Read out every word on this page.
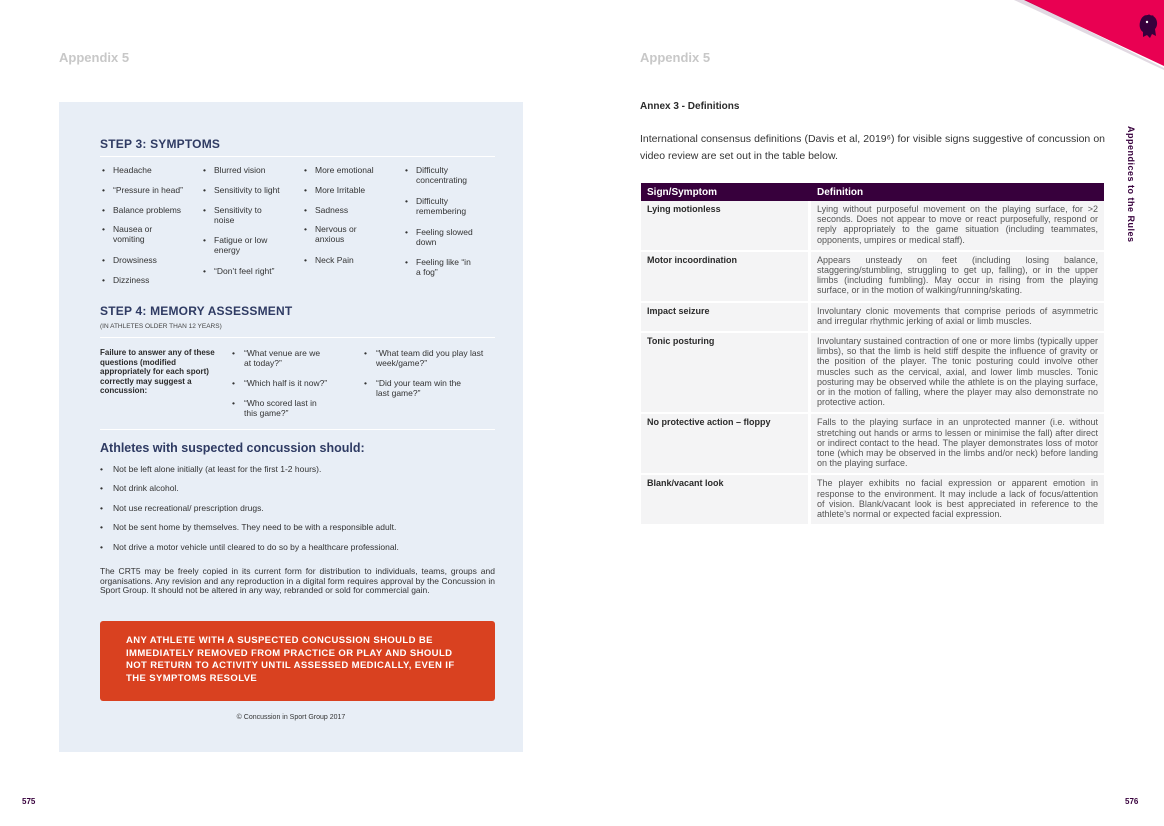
Appendix 5
STEP 3: SYMPTOMS
• Headache
• “Pressure in head”
• Balance problems
• Nausea or vomiting
• Drowsiness
• Dizziness
• Blurred vision
• Sensitivity to light
• Sensitivity to noise
• Fatigue or low energy
• “Don’t feel right”
• More emotional
• More Irritable
• Sadness
• Nervous or anxious
• Neck Pain
• Difficulty concentrating
• Difficulty remembering
• Feeling slowed down
• Feeling like “in a fog”
STEP 4: MEMORY ASSESSMENT
(IN ATHLETES OLDER THAN 12 YEARS)
Failure to answer any of these questions (modified appropriately for each sport) correctly may suggest a concussion:
• “What venue are we at today?”
• “Which half is it now?”
• “Who scored last in this game?”
• “What team did you play last week/game?”
• “Did your team win the last game?”
Athletes with suspected concussion should:
• Not be left alone initially (at least for the first 1-2 hours).
• Not drink alcohol.
• Not use recreational/ prescription drugs.
• Not be sent home by themselves. They need to be with a responsible adult.
• Not drive a motor vehicle until cleared to do so by a healthcare professional.
The CRT5 may be freely copied in its current form for distribution to individuals, teams, groups and organisations. Any revision and any reproduction in a digital form requires approval by the Concussion in Sport Group. It should not be altered in any way, rebranded or sold for commercial gain.
ANY ATHLETE WITH A SUSPECTED CONCUSSION SHOULD BE IMMEDIATELY REMOVED FROM PRACTICE OR PLAY AND SHOULD NOT RETURN TO ACTIVITY UNTIL ASSESSED MEDICALLY, EVEN IF THE SYMPTOMS RESOLVE
© Concussion in Sport Group 2017
575
Appendix 5
Annex 3 - Definitions
International consensus definitions (Davis et al, 2019⁶) for visible signs suggestive of concussion on video review are set out in the table below.
Sign/Symptom	Definition
Lying motionless	Lying without purposeful movement on the playing surface, for >2 seconds. Does not appear to move or react purposefully, respond or reply appropriately to the game situation (including teammates, opponents, umpires or medical staff).
Motor incoordination	Appears unsteady on feet (including losing balance, staggering/stumbling, struggling to get up, falling), or in the upper limbs (including fumbling). May occur in rising from the playing surface, or in the motion of walking/running/skating.
Impact seizure	Involuntary clonic movements that comprise periods of asymmetric and irregular rhythmic jerking of axial or limb muscles.
Tonic posturing	Involuntary sustained contraction of one or more limbs (typically upper limbs), so that the limb is held stiff despite the influence of gravity or the position of the player. The tonic posturing could involve other muscles such as the cervical, axial, and lower limb muscles. Tonic posturing may be observed while the athlete is on the playing surface, or in the motion of falling, where the player may also demonstrate no protective action.
No protective action – floppy	Falls to the playing surface in an unprotected manner (i.e. without stretching out hands or arms to lessen or minimise the fall) after direct or indirect contact to the head. The player demonstrates loss of motor tone (which may be observed in the limbs and/or neck) before landing on the playing surface.
Blank/vacant look	The player exhibits no facial expression or apparent emotion in response to the environment. It may include a lack of focus/attention of vision. Blank/vacant look is best appreciated in reference to the athlete’s normal or expected facial expression.
Appendices to the Rules
576
